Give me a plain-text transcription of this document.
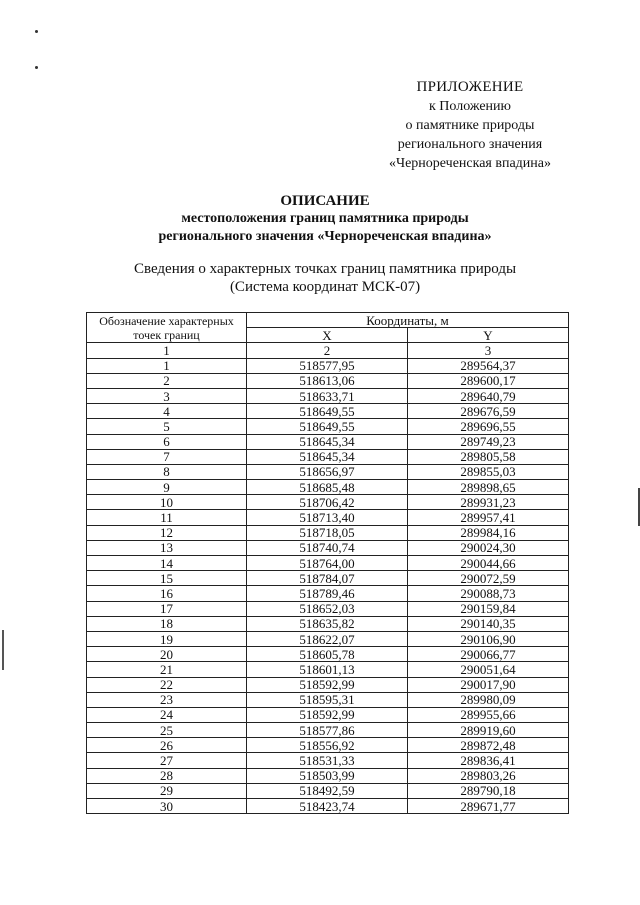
ПРИЛОЖЕНИЕ
к Положению
о памятнике природы
регионального значения
«Черноречeнская впадина»
ОПИСАНИЕ
местоположения границ памятника природы
регионального значения «Черноречeнская впадина»
Сведения о характерных точках границ памятника природы
(Система координат МСК-07)
Обозначение характерных точек границ	Координаты, м	
	X	Y
1	2	3
1	518577,95	289564,37
2	518613,06	289600,17
3	518633,71	289640,79
4	518649,55	289676,59
5	518649,55	289696,55
6	518645,34	289749,23
7	518645,34	289805,58
8	518656,97	289855,03
9	518685,48	289898,65
10	518706,42	289931,23
11	518713,40	289957,41
12	518718,05	289984,16
13	518740,74	290024,30
14	518764,00	290044,66
15	518784,07	290072,59
16	518789,46	290088,73
17	518652,03	290159,84
18	518635,82	290140,35
19	518622,07	290106,90
20	518605,78	290066,77
21	518601,13	290051,64
22	518592,99	290017,90
23	518595,31	289980,09
24	518592,99	289955,66
25	518577,86	289919,60
26	518556,92	289872,48
27	518531,33	289836,41
28	518503,99	289803,26
29	518492,59	289790,18
30	518423,74	289671,77
